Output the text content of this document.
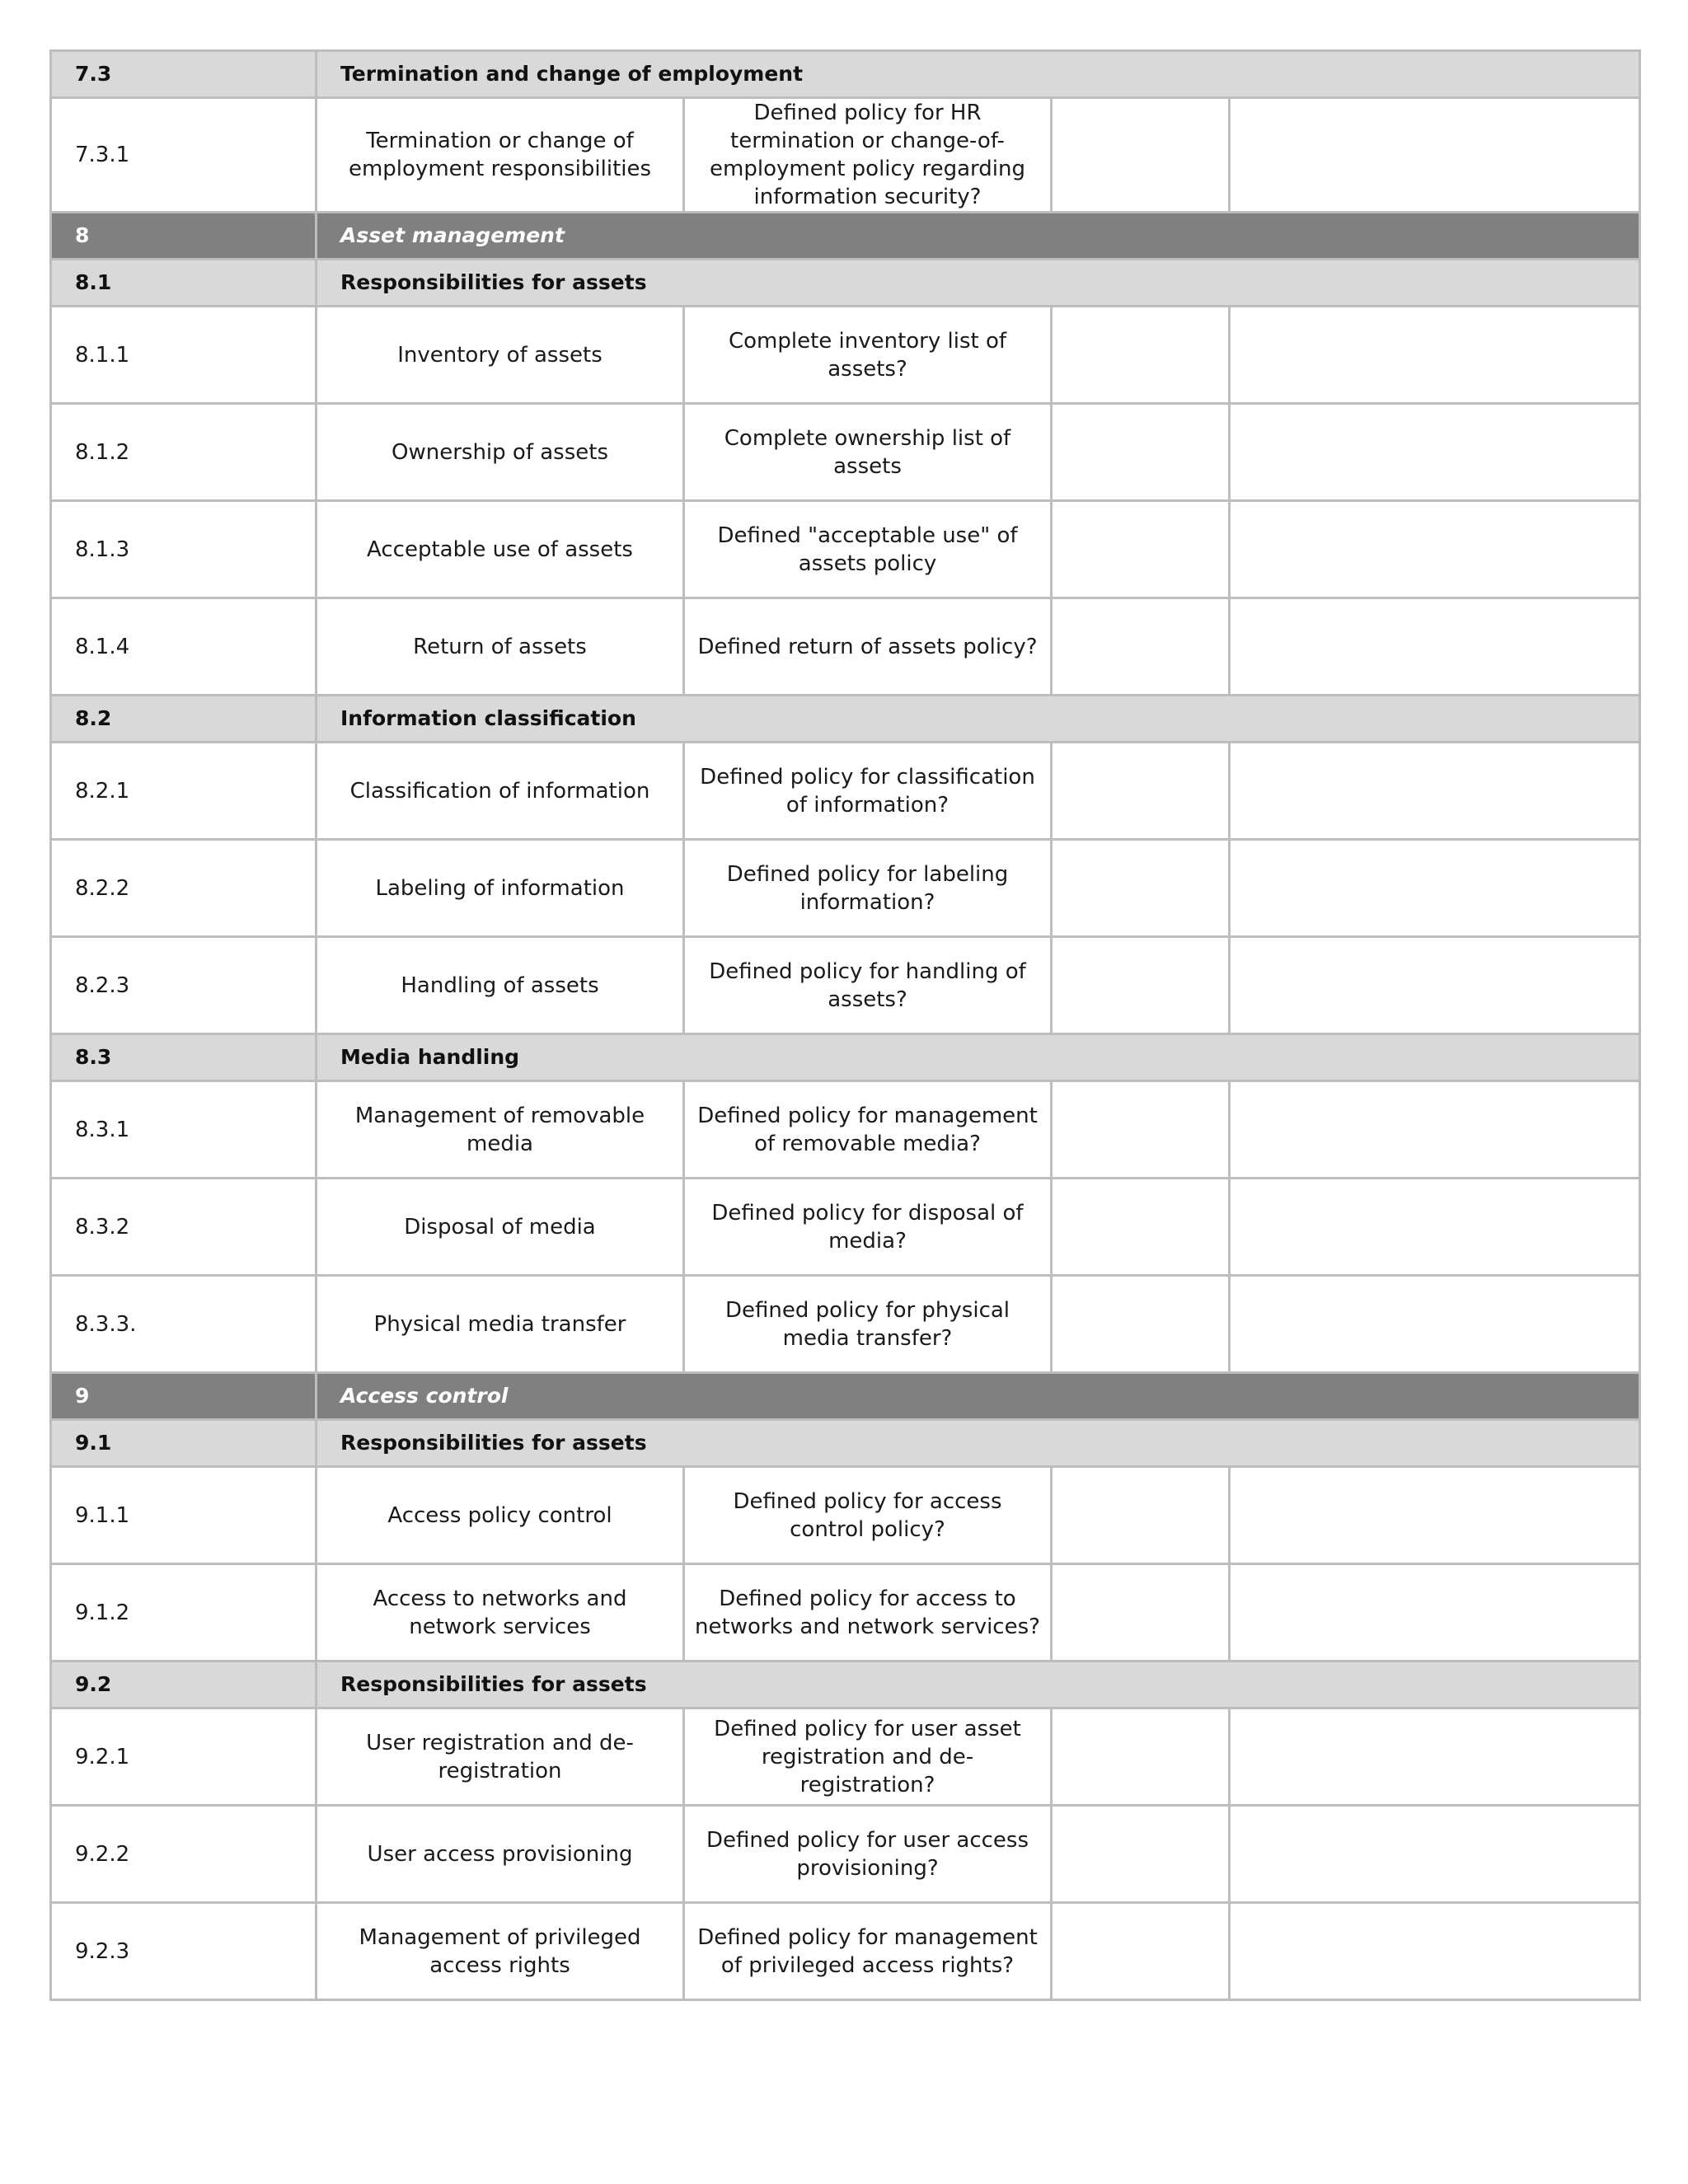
7.3	Termination and change of employment			
7.3.1	Termination or change of employment responsibilities	Defined policy for HR termination or change-of-employment policy regarding information security?		
8	Asset management			
8.1	Responsibilities for assets			
8.1.1	Inventory of assets	Complete inventory list of assets?		
8.1.2	Ownership of assets	Complete ownership list of assets		
8.1.3	Acceptable use of assets	Defined "acceptable use" of assets policy		
8.1.4	Return of assets	Defined return of assets policy?		
8.2	Information classification			
8.2.1	Classification of information	Defined policy for classification of information?		
8.2.2	Labeling of information	Defined policy for labeling information?		
8.2.3	Handling of assets	Defined policy for handling of assets?		
8.3	Media handling			
8.3.1	Management of removable media	Defined policy for management of removable media?		
8.3.2	Disposal of media	Defined policy for disposal of media?		
8.3.3.	Physical media transfer	Defined policy for physical media transfer?		
9	Access control			
9.1	Responsibilities for assets			
9.1.1	Access policy control	Defined policy for access control policy?		
9.1.2	Access to networks and network services	Defined policy for access to networks and network services?		
9.2	Responsibilities for assets			
9.2.1	User registration and de-registration	Defined policy for user asset registration and de-registration?		
9.2.2	User access provisioning	Defined policy for user access provisioning?		
9.2.3	Management of privileged access rights	Defined policy for management of privileged access rights?		
